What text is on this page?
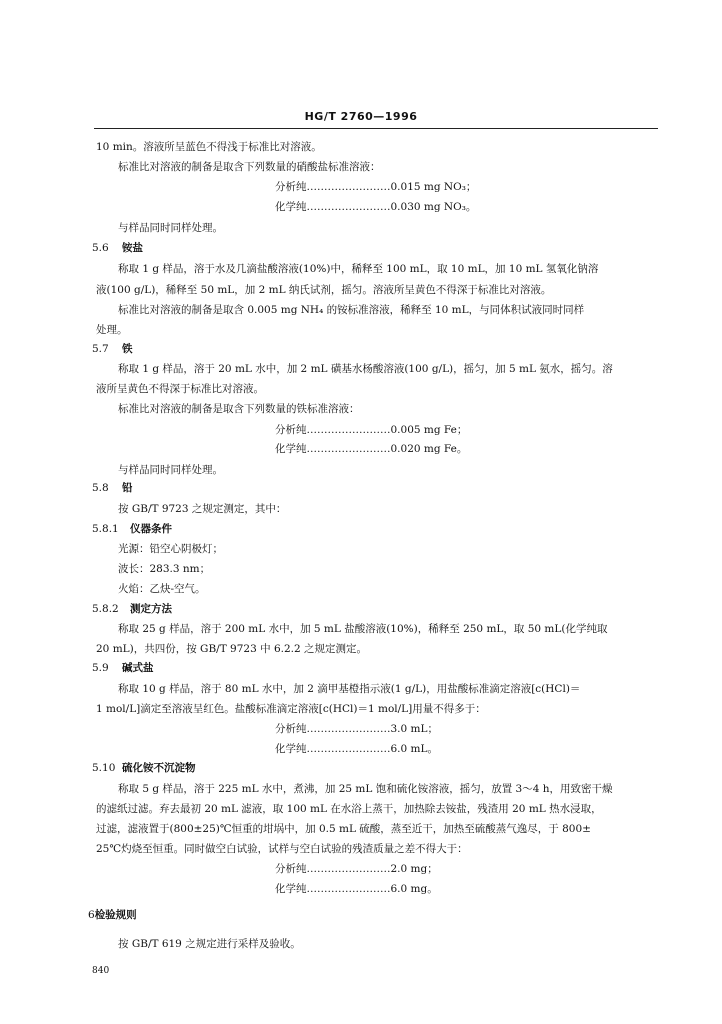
HG/T 2760—1996
10 min。溶液所呈蓝色不得浅于标准比对溶液。
标准比对溶液的制备是取含下列数量的硝酸盐标准溶液：
分析纯……………………0.015 mg NO₃；
化学纯……………………0.030 mg NO₃。
与样品同时同样处理。
5.6 铵盐
称取 1 g 样品，溶于水及几滴盐酸溶液(10%)中，稀释至 100 mL，取 10 mL，加 10 mL 氢氧化钠溶
液(100 g/L)，稀释至 50 mL，加 2 mL 纳氏试剂，摇匀。溶液所呈黄色不得深于标准比对溶液。
标准比对溶液的制备是取含 0.005 mg NH₄ 的铵标准溶液，稀释至 10 mL，与同体积试液同时同样
处理。
5.7 铁
称取 1 g 样品，溶于 20 mL 水中，加 2 mL 磺基水杨酸溶液(100 g/L)，摇匀，加 5 mL 氨水，摇匀。溶
液所呈黄色不得深于标准比对溶液。
标准比对溶液的制备是取含下列数量的铁标准溶液：
分析纯……………………0.005 mg Fe；
化学纯……………………0.020 mg Fe。
与样品同时同样处理。
5.8 铅
按 GB/T 9723 之规定测定，其中：
5.8.1 仪器条件
光源：铅空心阴极灯；
波长：283.3 nm；
火焰：乙炔-空气。
5.8.2 测定方法
称取 25 g 样品，溶于 200 mL 水中，加 5 mL 盐酸溶液(10%)，稀释至 250 mL，取 50 mL(化学纯取
20 mL)，共四份，按 GB/T 9723 中 6.2.2 之规定测定。
5.9 碱式盐
称取 10 g 样品，溶于 80 mL 水中，加 2 滴甲基橙指示液(1 g/L)，用盐酸标准滴定溶液[c(HCl)＝
1 mol/L]滴定至溶液呈红色。盐酸标准滴定溶液[c(HCl)＝1 mol/L]用量不得多于：
分析纯……………………3.0 mL；
化学纯……………………6.0 mL。
5.10 硫化铵不沉淀物
称取 5 g 样品，溶于 225 mL 水中，煮沸，加 25 mL 饱和硫化铵溶液，摇匀，放置 3～4 h，用致密干燥
的滤纸过滤。弃去最初 20 mL 滤液，取 100 mL 在水浴上蒸干，加热除去铵盐，残渣用 20 mL 热水浸取，
过滤，滤液置于(800±25)℃恒重的坩埚中，加 0.5 mL 硫酸，蒸至近干，加热至硫酸蒸气逸尽，于 800±
25℃灼烧至恒重。同时做空白试验，试样与空白试验的残渣质量之差不得大于：
分析纯……………………2.0 mg；
化学纯……………………6.0 mg。
6检验规则
按 GB/T 619 之规定进行采样及验收。
840
